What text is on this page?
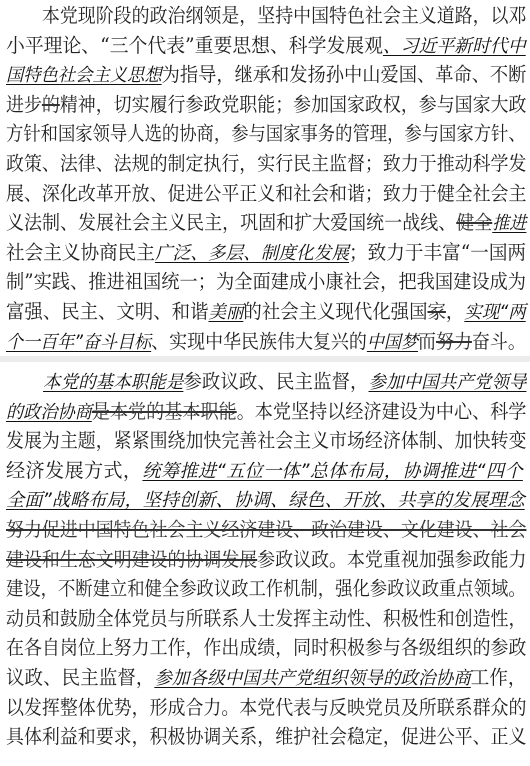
　　本党现阶段的政治纲领是，坚持中国特色社会主义道路，以邓
小平理论、“三个代表”重要思想、科学发展观、习近平新时代中
国特色社会主义思想为指导，继承和发扬孙中山爱国、革命、不断
进步的精神，切实履行参政党职能；参加国家政权，参与国家大政
方针和国家领导人选的协商，参与国家事务的管理，参与国家方针、
政策、法律、法规的制定执行，实行民主监督；致力于推动科学发
展、深化改革开放、促进公平正义和社会和谐；致力于健全社会主
义法制、发展社会主义民主，巩固和扩大爱国统一战线、健全推进
社会主义协商民主广泛、多层、制度化发展；致力于丰富“一国两
制”实践、推进祖国统一；为全面建成小康社会，把我国建设成为
富强、民主、文明、和谐美丽的社会主义现代化强国家，实现“两
个一百年”奋斗目标、实现中华民族伟大复兴的中国梦而努力奋斗。
　　本党的基本职能是参政议政、民主监督，参加中国共产党领导
的政治协商是本党的基本职能。本党坚持以经济建设为中心、科学
发展为主题，紧紧围绕加快完善社会主义市场经济体制、加快转变
经济发展方式，统筹推进“五位一体”总体布局，协调推进“四个
全面”战略布局，坚持创新、协调、绿色、开放、共享的发展理念
努力促进中国特色社会主义经济建设、政治建设、文化建设、社会
建设和生态文明建设的协调发展参政议政。本党重视加强参政能力
建设，不断建立和健全参政议政工作机制，强化参政议政重点领域。
动员和鼓励全体党员与所联系人士发挥主动性、积极性和创造性，
在各自岗位上努力工作，作出成绩，同时积极参与各级组织的参政
议政、民主监督，参加各级中国共产党组织领导的政治协商工作，
以发挥整体优势，形成合力。本党代表与反映党员及所联系群众的
具体利益和要求，积极协调关系，维护社会稳定，促进公平、正义
